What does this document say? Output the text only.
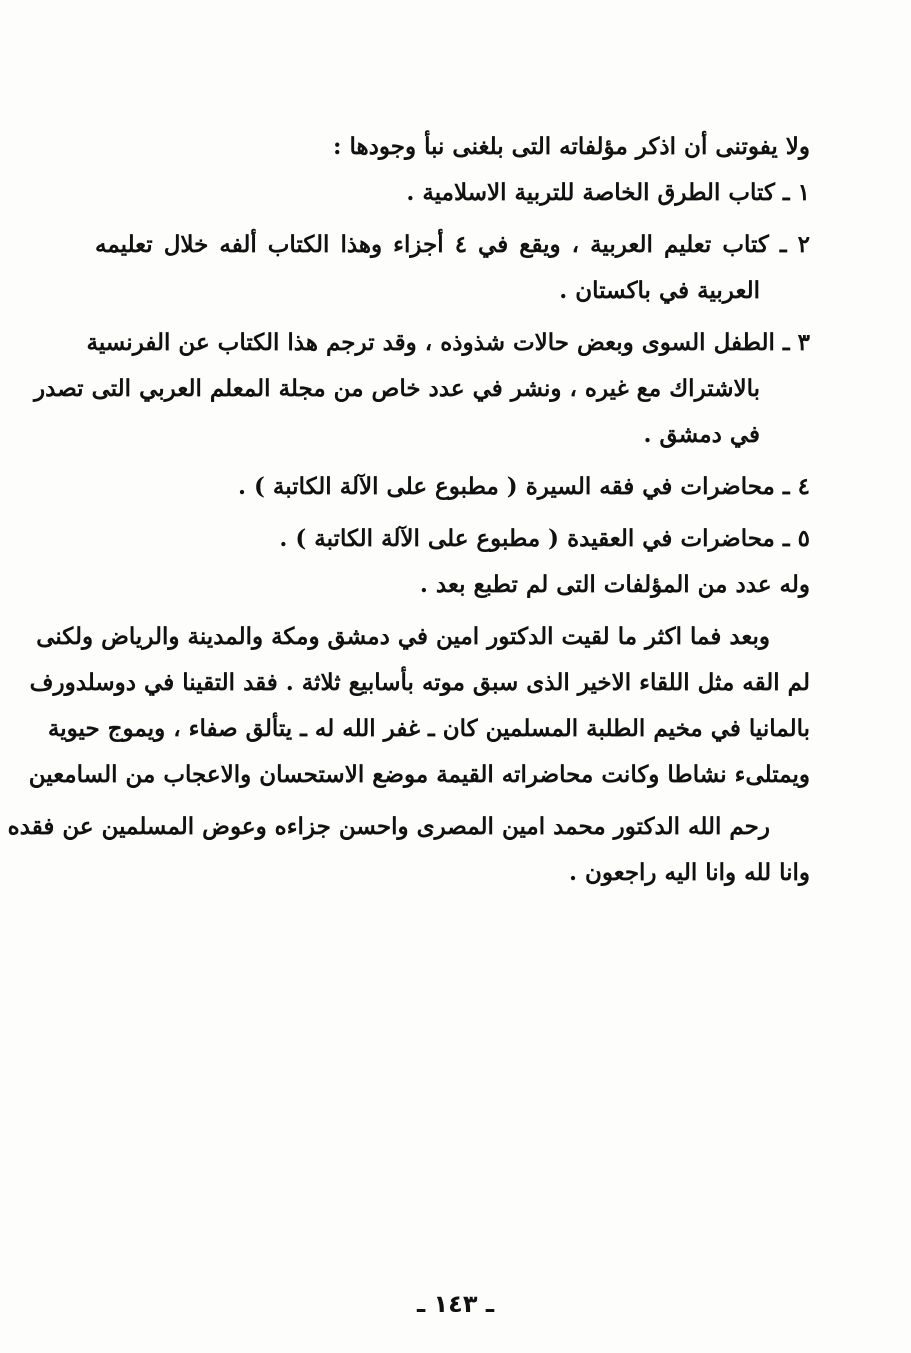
ولا يفوتنى أن اذكر مؤلفاته التى بلغنى نبأ وجودها :
١ ـ كتاب الطرق الخاصة للتربية الاسلامية .
٢ ـ كتاب تعليم العربية ، ويقع في ٤ أجزاء وهذا الكتاب ألفه خلال تعليمه
العربية في باكستان .
٣ ـ الطفل السوى وبعض حالات شذوذه ، وقد ترجم هذا الكتاب عن الفرنسية
بالاشتراك مع غيره ، ونشر في عدد خاص من مجلة المعلم العربي التى تصدر
في دمشق .
٤ ـ محاضرات في فقه السيرة ( مطبوع على الآلة الكاتبة ) .
٥ ـ محاضرات في العقيدة ( مطبوع على الآلة الكاتبة ) .
وله عدد من المؤلفات التى لم تطبع بعد .
وبعد فما اكثر ما لقيت الدكتور امين في دمشق ومكة والمدينة والرياض ولكنى
لم القه مثل اللقاء الاخير الذى سبق موته بأسابيع ثلاثة . فقد التقينا في دوسلدورف
بالمانيا في مخيم الطلبة المسلمين كان ـ غفر الله له ـ يتألق صفاء ، ويموج حيوية
ويمتلىء نشاطا وكانت محاضراته القيمة موضع الاستحسان والاعجاب من السامعين
رحم الله الدكتور محمد امين المصرى واحسن جزاءه وعوض المسلمين عن فقده
وانا لله وانا اليه راجعون .
ـ ١٤٣ ـ
